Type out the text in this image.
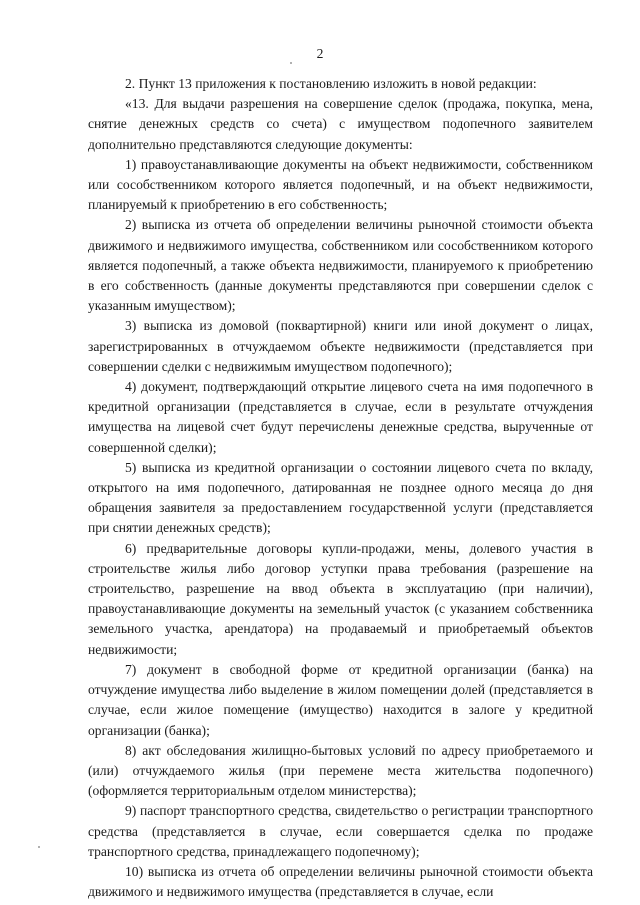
2

2. Пункт 13 приложения к постановлению изложить в новой редакции:

«13. Для выдачи разрешения на совершение сделок (продажа, покупка, мена, снятие денежных средств со счета) с имуществом подопечного заявителем дополнительно представляются следующие документы:

1) правоустанавливающие документы на объект недвижимости, собственником или сособственником которого является подопечный, и на объект недвижимости, планируемый к приобретению в его собственность;

2) выписка из отчета об определении величины рыночной стоимости объекта движимого и недвижимого имущества, собственником или сособственником которого является подопечный, а также объекта недвижимости, планируемого к приобретению в его собственность (данные документы представляются при совершении сделок с указанным имуществом);

3) выписка из домовой (поквартирной) книги или иной документ о лицах, зарегистрированных в отчуждаемом объекте недвижимости (представляется при совершении сделки с недвижимым имуществом подопечного);

4) документ, подтверждающий открытие лицевого счета на имя подопечного в кредитной организации (представляется в случае, если в результате отчуждения имущества на лицевой счет будут перечислены денежные средства, вырученные от совершенной сделки);

5) выписка из кредитной организации о состоянии лицевого счета по вкладу, открытого на имя подопечного, датированная не позднее одного месяца до дня обращения заявителя за предоставлением государственной услуги (представляется при снятии денежных средств);

6) предварительные договоры купли-продажи, мены, долевого участия в строительстве жилья либо договор уступки права требования (разрешение на строительство, разрешение на ввод объекта в эксплуатацию (при наличии), правоустанавливающие документы на земельный участок (с указанием собственника земельного участка, арендатора) на продаваемый и приобретаемый объектов недвижимости;

7) документ в свободной форме от кредитной организации (банка) на отчуждение имущества либо выделение в жилом помещении долей (представляется в случае, если жилое помещение (имущество) находится в залоге у кредитной организации (банка);

8) акт обследования жилищно-бытовых условий по адресу приобретаемого и (или) отчуждаемого жилья (при перемене места жительства подопечного) (оформляется территориальным отделом министерства);

9) паспорт транспортного средства, свидетельство о регистрации транспортного средства (представляется в случае, если совершается сделка по продаже транспортного средства, принадлежащего подопечному);

10) выписка из отчета об определении величины рыночной стоимости объекта движимого и недвижимого имущества (представляется в случае, если
